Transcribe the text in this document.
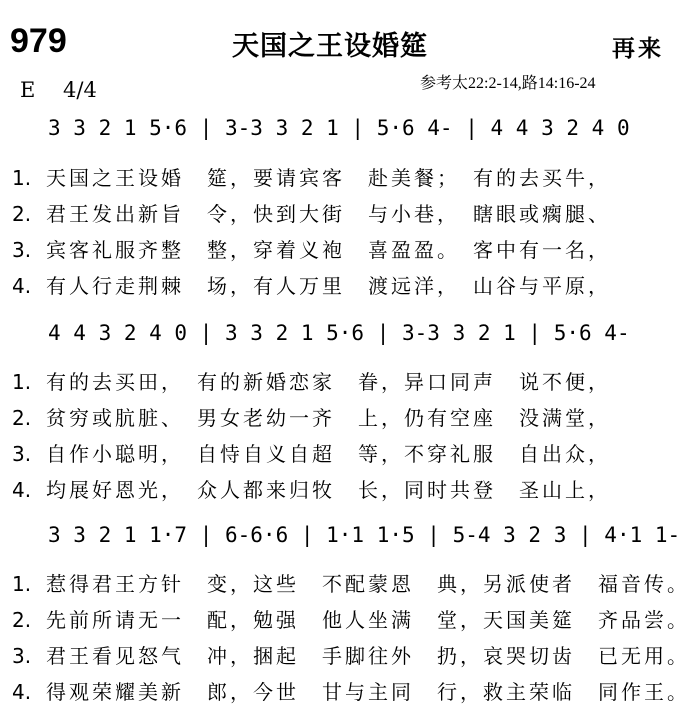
979	天国之王设婚筵	再来
E　 4/4	参考太22:2-14,路14:16-24
3 3 2 1 5·6 | 3-3 3 2 1 | 5·6 4- | 4 4 3 2 4 0
1. 天国之王设婚　筵，要请宾客　赴美餐；　有的去买牛，
2. 君王发出新旨　令，快到大街　与小巷，　瞎眼或瘸腿、
3. 宾客礼服齐整　整，穿着义袍　喜盈盈。　客中有一名，
4. 有人行走荆棘　场，有人万里　渡远洋，　山谷与平原，
4 4 3 2 4 0 | 3 3 2 1 5·6 | 3-3 3 2 1 | 5·6 4-
1. 有的去买田，　有的新婚恋家　眷，异口同声　说不便，
2. 贫穷或肮脏、　男女老幼一齐　上，仍有空座　没满堂，
3. 自作小聪明，　自恃自义自超　等，不穿礼服　自出众，
4. 均展好恩光，　众人都来归牧　长，同时共登　圣山上，
3 3 2 1 1·7 | 6-6·6 | 1·1 1·5 | 5-4 3 2 3 | 4·1 1-
1. 惹得君王方针　变，这些　不配蒙恩　典，另派使者　福音传。
2. 先前所请无一　配，勉强　他人坐满　堂，天国美筵　齐品尝。
3. 君王看见怒气　冲，捆起　手脚往外　扔，哀哭切齿　已无用。
4. 得观荣耀美新　郎，今世　甘与主同　行，救主荣临　同作王。
